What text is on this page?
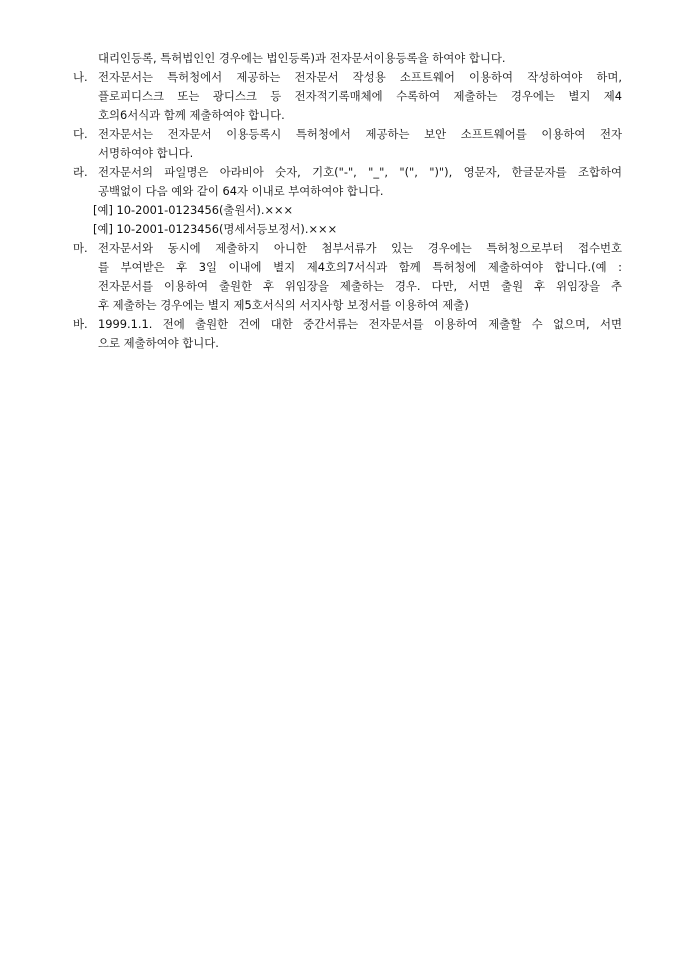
대리인등록, 특허법인인 경우에는 법인등록)과 전자문서이용등록을 하여야 합니다.
나. 전자문서는 특허청에서 제공하는 전자문서 작성용 소프트웨어 이용하여 작성하여야 하며,
플로피디스크 또는 광디스크 등 전자적기록매체에 수록하여 제출하는 경우에는 별지 제4
호의6서식과 함께 제출하여야 합니다.
다. 전자문서는 전자문서 이용등록시 특허청에서 제공하는 보안 소프트웨어를 이용하여 전자
서명하여야 합니다.
라. 전자문서의 파일명은 아라비아 숫자, 기호("-", "_", "(", ")"), 영문자, 한글문자를 조합하여
공백없이 다음 예와 같이 64자 이내로 부여하여야 합니다.
[예] 10-2001-0123456(출원서).×××
[예] 10-2001-0123456(명세서등보정서).×××
마. 전자문서와 동시에 제출하지 아니한 첨부서류가 있는 경우에는 특허청으로부터 접수번호
를 부여받은 후 3일 이내에 별지 제4호의7서식과 함께 특허청에 제출하여야 합니다.(예 :
전자문서를 이용하여 출원한 후 위임장을 제출하는 경우. 다만, 서면 출원 후 위임장을 추
후 제출하는 경우에는 별지 제5호서식의 서지사항 보정서를 이용하여 제출)
바. 1999.1.1. 전에 출원한 건에 대한 중간서류는 전자문서를 이용하여 제출할 수 없으며, 서면
으로 제출하여야 합니다.
